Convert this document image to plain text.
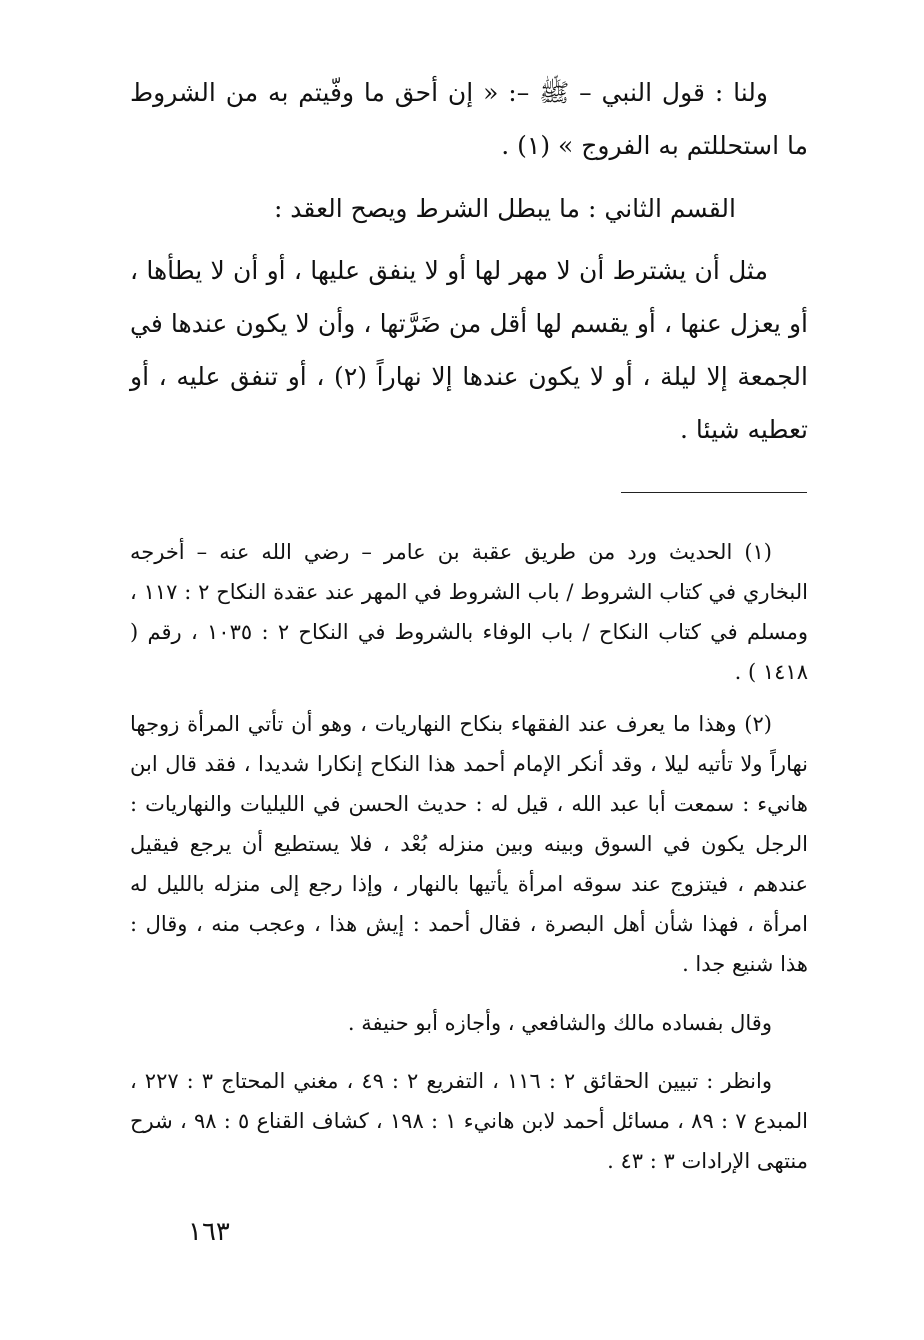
ولنا : قول النبي – ﷺ –: « إن أحق ما وفّيتم به من الشروط ما استحللتم به الفروج » (١) .

القسم الثاني : ما يبطل الشرط ويصح العقد :

مثل أن يشترط أن لا مهر لها أو لا ينفق عليها ، أو أن لا يطأها ، أو يعزل عنها ، أو يقسم لها أقل من ضَرَّتها ، وأن لا يكون عندها في الجمعة إلا ليلة ، أو لا يكون عندها إلا نهاراً (٢) ، أو تنفق عليه ، أو تعطيه شيئا .

(١) الحديث ورد من طريق عقبة بن عامر – رضي الله عنه – أخرجه البخاري في كتاب الشروط / باب الشروط في المهر عند عقدة النكاح ٢ : ١١٧ ، ومسلم في كتاب النكاح / باب الوفاء بالشروط في النكاح ٢ : ١٠٣٥ ، رقم ( ١٤١٨ ) .

(٢) وهذا ما يعرف عند الفقهاء بنكاح النهاريات ، وهو أن تأتي المرأة زوجها نهاراً ولا تأتيه ليلا ، وقد أنكر الإمام أحمد هذا النكاح إنكارا شديدا ، فقد قال ابن هانيء : سمعت أبا عبد الله ، قيل له : حديث الحسن في الليليات والنهاريات : الرجل يكون في السوق وبينه وبين منزله بُعْد ، فلا يستطيع أن يرجع فيقيل عندهم ، فيتزوج عند سوقه امرأة يأتيها بالنهار ، وإذا رجع إلى منزله بالليل له امرأة ، فهذا شأن أهل البصرة ، فقال أحمد : إيش هذا ، وعجب منه ، وقال : هذا شنيع جدا .

وقال بفساده مالك والشافعي ، وأجازه أبو حنيفة .

وانظر : تبيين الحقائق ٢ : ١١٦ ، التفريع ٢ : ٤٩ ، مغني المحتاج ٣ : ٢٢٧ ، المبدع ٧ : ٨٩ ، مسائل أحمد لابن هانيء ١ : ١٩٨ ، كشاف القناع ٥ : ٩٨ ، شرح منتهى الإرادات ٣ : ٤٣ .

١٦٣
